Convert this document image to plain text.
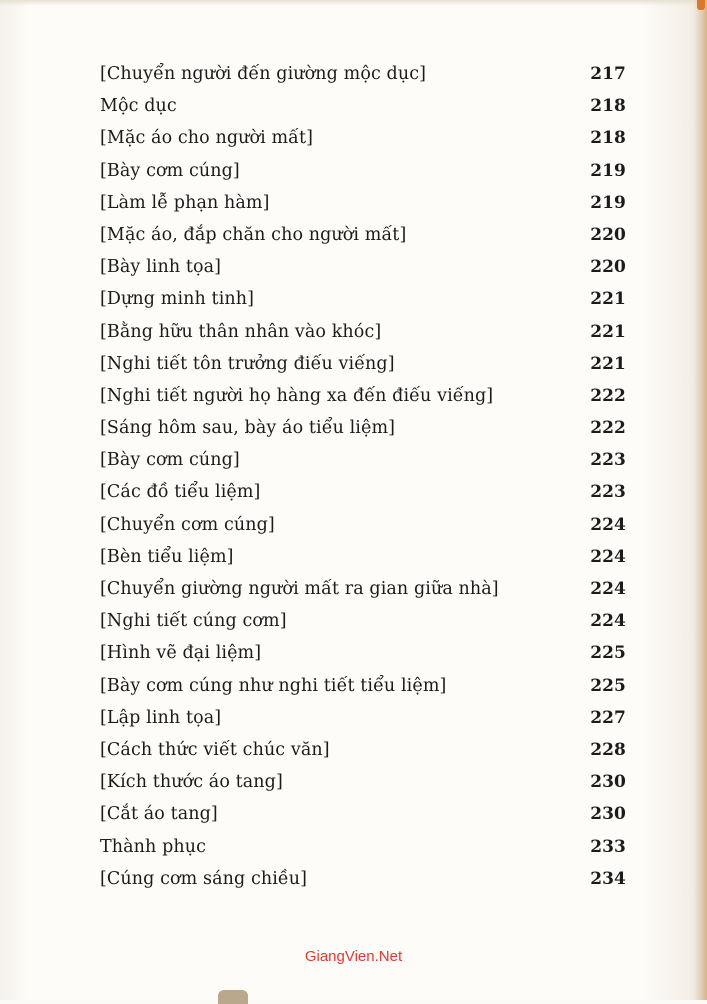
[Chuyển người đến giường mộc dục]	217
Mộc dục	218
[Mặc áo cho người mất]	218
[Bày cơm cúng]	219
[Làm lễ phạn hàm]	219
[Mặc áo, đắp chăn cho người mất]	220
[Bày linh tọa]	220
[Dựng minh tinh]	221
[Bằng hữu thân nhân vào khóc]	221
[Nghi tiết tôn trưởng điếu viếng]	221
[Nghi tiết người họ hàng xa đến điếu viếng]	222
[Sáng hôm sau, bày áo tiểu liệm]	222
[Bày cơm cúng]	223
[Các đồ tiểu liệm]	223
[Chuyển cơm cúng]	224
[Bèn tiểu liệm]	224
[Chuyển giường người mất ra gian giữa nhà]	224
[Nghi tiết cúng cơm]	224
[Hình vẽ đại liệm]	225
[Bày cơm cúng như nghi tiết tiểu liệm]	225
[Lập linh tọa]	227
[Cách thức viết chúc văn]	228
[Kích thước áo tang]	230
[Cắt áo tang]	230
Thành phục	233
[Cúng cơm sáng chiều]	234
GiangVien.Net
